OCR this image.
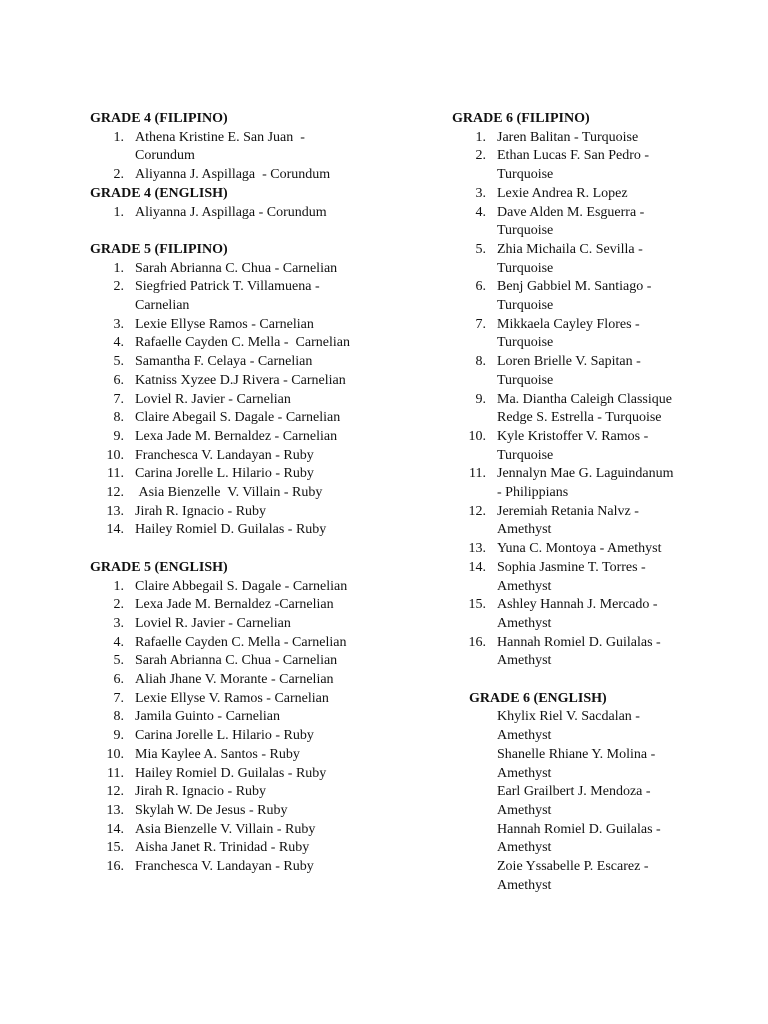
GRADE 4 (FILIPINO)

1. Athena Kristine E. San Juan  -
Corundum
2. Aliyanna J. Aspillaga  - Corundum

GRADE 4 (ENGLISH)

1. Aliyanna J. Aspillaga - Corundum

GRADE 5 (FILIPINO)

1. Sarah Abrianna C. Chua - Carnelian
2. Siegfried Patrick T. Villamuena -
Carnelian
3. Lexie Ellyse Ramos - Carnelian
4. Rafaelle Cayden C. Mella -  Carnelian
5. Samantha F. Celaya - Carnelian
6. Katniss Xyzee D.J Rivera - Carnelian
7. Loviel R. Javier - Carnelian
8. Claire Abegail S. Dagale - Carnelian
9. Lexa Jade M. Bernaldez - Carnelian
10. Franchesca V. Landayan - Ruby
11. Carina Jorelle L. Hilario - Ruby
12. Asia Bienzelle  V. Villain - Ruby
13. Jirah R. Ignacio - Ruby
14. Hailey Romiel D. Guilalas - Ruby

GRADE 5 (ENGLISH)

1. Claire Abbegail S. Dagale - Carnelian
2. Lexa Jade M. Bernaldez -Carnelian
3. Loviel R. Javier - Carnelian
4. Rafaelle Cayden C. Mella - Carnelian
5. Sarah Abrianna C. Chua - Carnelian
6. Aliah Jhane V. Morante - Carnelian
7. Lexie Ellyse V. Ramos - Carnelian
8. Jamila Guinto - Carnelian
9. Carina Jorelle L. Hilario - Ruby
10. Mia Kaylee A. Santos - Ruby
11. Hailey Romiel D. Guilalas - Ruby
12. Jirah R. Ignacio - Ruby
13. Skylah W. De Jesus - Ruby
14. Asia Bienzelle V. Villain - Ruby
15. Aisha Janet R. Trinidad - Ruby
16. Franchesca V. Landayan - Ruby

GRADE 6 (FILIPINO)

1. Jaren Balitan - Turquoise
2. Ethan Lucas F. San Pedro -
Turquoise
3. Lexie Andrea R. Lopez
4. Dave Alden M. Esguerra -
Turquoise
5. Zhia Michaila C. Sevilla -
Turquoise
6. Benj Gabbiel M. Santiago -
Turquoise
7. Mikkaela Cayley Flores -
Turquoise
8. Loren Brielle V. Sapitan -
Turquoise
9. Ma. Diantha Caleigh Classique
Redge S. Estrella - Turquoise
10. Kyle Kristoffer V. Ramos -
Turquoise
11. Jennalyn Mae G. Laguindanum
- Philippians
12. Jeremiah Retania Nalvz -
Amethyst
13. Yuna C. Montoya - Amethyst
14. Sophia Jasmine T. Torres -
Amethyst
15. Ashley Hannah J. Mercado -
Amethyst
16. Hannah Romiel D. Guilalas -
Amethyst

GRADE 6 (ENGLISH)

Khylix Riel V. Sacdalan -
Amethyst
Shanelle Rhiane Y. Molina -
Amethyst
Earl Grailbert J. Mendoza -
Amethyst
Hannah Romiel D. Guilalas -
Amethyst
Zoie Yssabelle P. Escarez -
Amethyst
